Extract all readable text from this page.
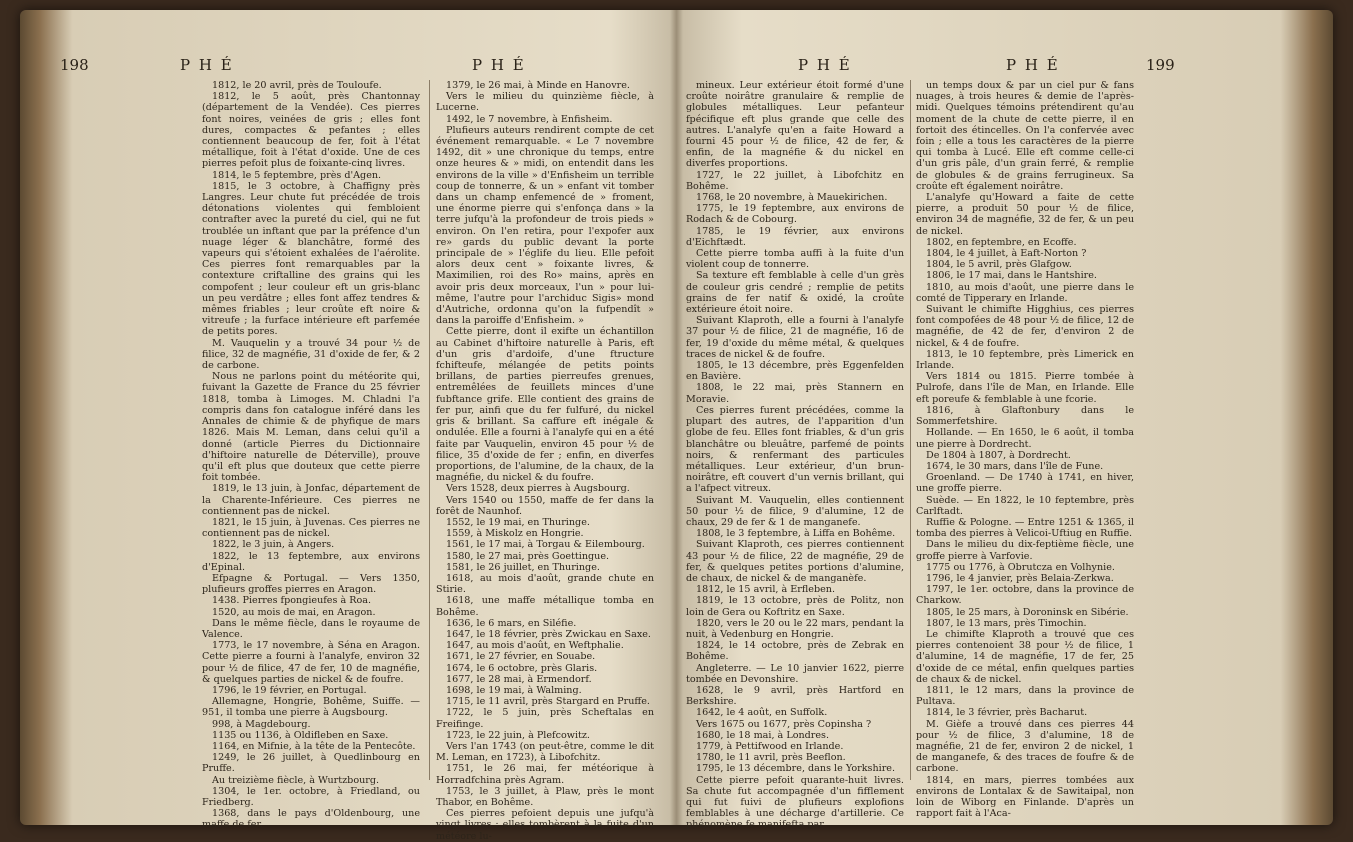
198	P H É	P H É

1812, le 20 avril, près de Touloufe.

1812, le 5 août, près Chantonnay (département de la Vendée). Ces pierres font noires, veinées de gris ; elles font dures, compactes & pefantes ; elles contiennent beaucoup de fer, foit à l'état métallique, foit à l'état d'oxide. Une de ces pierres pefoit plus de foixante-cinq livres.

1814, le 5 feptembre, près d'Agen.

1815, le 3 octobre, à Chaffigny près Langres. Leur chute fut précédée de trois détonations violentes qui fembloient contrafter avec la pureté du ciel, qui ne fut troublée un inftant que par la préfence d'un nuage léger & blanchâtre, formé des vapeurs qui s'étoient exhalées de l'aérolite. Ces pierres font remarquables par la contexture criftalline des grains qui les compofent ; leur couleur eft un gris-blanc un peu verdâtre ; elles font affez tendres & mêmes friables ; leur croûte eft noire & vitreufe ; la furface intérieure eft parfemée de petits pores.

M. Vauquelin y a trouvé 34 pour ½ de filice, 32 de magnéfie, 31 d'oxide de fer, & 2 de carbone.

Nous ne parlons point du météorite qui, fuivant la Gazette de France du 25 février 1818, tomba à Limoges. M. Chladni l'a compris dans fon catalogue inféré dans les Annales de chimie & de phyfique de mars 1826. Mais M. Leman, dans celui qu'il a donné (article Pierres du Dictionnaire d'hiftoire naturelle de Déterville), prouve qu'il eft plus que douteux que cette pierre foit tombée.

1819, le 13 juin, à Jonfac, département de la Charente-Inférieure. Ces pierres ne contiennent pas de nickel.

1821, le 15 juin, à Juvenas. Ces pierres ne contiennent pas de nickel.

1822, le 3 juin, à Angers.

1822, le 13 feptembre, aux environs d'Epinal.

Efpagne & Portugal. — Vers 1350, plufieurs groffes pierres en Aragon.

1438. Pierres fpongieufes à Roa.

1520, au mois de mai, en Aragon.

Dans le même fiècle, dans le royaume de Valence.

1773, le 17 novembre, à Séna en Aragon. Cette pierre a fourni à l'analyfe, environ 32 pour ½ de filice, 47 de fer, 10 de magnéfie, & quelques parties de nickel & de foufre.

1796, le 19 février, en Portugal.

Allemagne, Hongrie, Bohême, Suiffe. — 951, il tomba une pierre à Augsbourg.

998, à Magdebourg.

1135 ou 1136, à Oldifleben en Saxe.

1164, en Mifnie, à la tête de la Pentecôte.

1249, le 26 juillet, à Quedlinbourg en Pruffe.

Au treizième fiècle, à Wurtzbourg.

1304, le 1er. octobre, à Friedland, ou Friedberg.

1368, dans le pays d'Oldenbourg, une maffe de fer.

1379, le 26 mai, à Minde en Hanovre.

Vers le milieu du quinzième fiècle, à Lucerne.

1492, le 7 novembre, à Enfisheim.

Plufieurs auteurs rendirent compte de cet événement remarquable. « Le 7 novembre 1492, dit » une chronique du temps, entre onze heures & » midi, on entendit dans les environs de la ville » d'Enfisheim un terrible coup de tonnerre, & un » enfant vit tomber dans un champ enfemencé de » froment, une énorme pierre qui s'enfonça dans » la terre jufqu'à la profondeur de trois pieds » environ. On l'en retira, pour l'expofer aux re» gards du public devant la porte principale de » l'églife du lieu. Elle pefoit alors deux cent » foixante livres, & Maximilien, roi des Ro» mains, après en avoir pris deux morceaux, l'un » pour lui-même, l'autre pour l'archiduc Sigis» mond d'Autriche, ordonna qu'on la fufpendît » dans la paroiffe d'Enfisheim. »

Cette pierre, dont il exifte un échantillon au Cabinet d'hiftoire naturelle à Paris, eft d'un gris d'ardoife, d'une ftructure fchifteufe, mélangée de petits points brillans, de parties pierreufes grenues, entremêlées de feuillets minces d'une fubftance grife. Elle contient des grains de fer pur, ainfi que du fer fulfuré, du nickel gris & brillant. Sa caffure eft inégale & ondulée. Elle a fourni à l'analyfe qui en a été faite par Vauquelin, environ 45 pour ½ de filice, 35 d'oxide de fer ; enfin, en diverfes proportions, de l'alumine, de la chaux, de la magnéfie, du nickel & du foufre.

Vers 1528, deux pierres à Augsbourg.

Vers 1540 ou 1550, maffe de fer dans la forêt de Naunhof.

1552, le 19 mai, en Thuringe.

1559, à Miskolz en Hongrie.

1561, le 17 mai, à Torgau & Eilembourg.

1580, le 27 mai, près Goettingue.

1581, le 26 juillet, en Thuringe.

1618, au mois d'août, grande chute en Stirie.

1618, une maffe métallique tomba en Bohême.

1636, le 6 mars, en Siléfie.

1647, le 18 février, près Zwickau en Saxe.

1647, au mois d'août, en Weftphalie.

1671, le 27 février, en Souabe.

1674, le 6 octobre, près Glaris.

1677, le 28 mai, à Ermendorf.

1698, le 19 mai, à Walming.

1715, le 11 avril, près Stargard en Pruffe.

1722, le 5 juin, près Scheftalas en Freifinge.

1723, le 22 juin, à Plefcowitz.

Vers l'an 1743 (on peut-être, comme le dit M. Leman, en 1723), à Libofchitz.

1751, le 26 mai, fer météorique à Horradfchina près Agram.

1753, le 3 juillet, à Plaw, près le mont Thabor, en Bohême.

Ces pierres pefoient depuis une jufqu'à vingt livres ; elles tombèrent à la fuite d'un météore lu-

P H É	P H É	199

mineux. Leur extérieur étoit formé d'une croûte noirâtre granulaire & remplie de globules métalliques. Leur pefanteur fpécifique eft plus grande que celle des autres. L'analyfe qu'en a faite Howard a fourni 45 pour ½ de filice, 42 de fer, & enfin, de la magnéfie & du nickel en diverfes proportions.

1727, le 22 juillet, à Libofchitz en Bohême.

1768, le 20 novembre, à Mauekirichen.

1775, le 19 feptembre, aux environs de Rodach & de Cobourg.

1785, le 19 février, aux environs d'Eichftædt.

Cette pierre tomba auffi à la fuite d'un violent coup de tonnerre.

Sa texture eft femblable à celle d'un grès de couleur gris cendré ; remplie de petits grains de fer natif & oxidé, la croûte extérieure étoit noire.

Suivant Klaproth, elle a fourni à l'analyfe 37 pour ½ de filice, 21 de magnéfie, 16 de fer, 19 d'oxide du même métal, & quelques traces de nickel & de foufre.

1805, le 13 décembre, près Eggenfelden en Bavière.

1808, le 22 mai, près Stannern en Moravie.

Ces pierres furent précédées, comme la plupart des autres, de l'apparition d'un globe de feu. Elles font friables, & d'un gris blanchâtre ou bleuâtre, parfemé de points noirs, & renfermant des particules métalliques. Leur extérieur, d'un brun-noirâtre, eft couvert d'un vernis brillant, qui a l'afpect vitreux.

Suivant M. Vauquelin, elles contiennent 50 pour ½ de filice, 9 d'alumine, 12 de chaux, 29 de fer & 1 de manganefe.

1808, le 3 feptembre, à Liffa en Bohême.

Suivant Klaproth, ces pierres contiennent 43 pour ½ de filice, 22 de magnéfie, 29 de fer, & quelques petites portions d'alumine, de chaux, de nickel & de manganèfe.

1812, le 15 avril, à Erfleben.

1819, le 13 octobre, près de Politz, non loin de Gera ou Koftritz en Saxe.

1820, vers le 20 ou le 22 mars, pendant la nuit, à Vedenburg en Hongrie.

1824, le 14 octobre, près de Zebrak en Bohême.

Angleterre. — Le 10 janvier 1622, pierre tombée en Devonshire.

1628, le 9 avril, près Hartford en Berkshire.

1642, le 4 août, en Suffolk.

Vers 1675 ou 1677, près Copinsha ?

1680, le 18 mai, à Londres.

1779, à Pettifwood en Irlande.

1780, le 11 avril, près Beeflon.

1795, le 13 décembre, dans le Yorkshire.

Cette pierre pefoit quarante-huit livres. Sa chute fut accompagnée d'un fifflement qui fut fuivi de plufieurs explofions femblables à une décharge d'artillerie. Ce phénomène fe manifefta par

un temps doux & par un ciel pur & fans nuages, à trois heures & demie de l'après-midi. Quelques témoins prétendirent qu'au moment de la chute de cette pierre, il en fortoit des étincelles. On l'a confervée avec foin ; elle a tous les caractères de la pierre qui tomba à Lucé. Elle eft comme celle-ci d'un gris pâle, d'un grain ferré, & remplie de globules & de grains ferrugineux. Sa croûte eft également noirâtre.

L'analyfe qu'Howard a faite de cette pierre, a produit 50 pour ½ de filice, environ 34 de magnéfie, 32 de fer, & un peu de nickel.

1802, en feptembre, en Ecoffe.

1804, le 4 juillet, à Eaft-Norton ?

1804, le 5 avril, près Glafgow.

1806, le 17 mai, dans le Hantshire.

1810, au mois d'août, une pierre dans le comté de Tipperary en Irlande.

Suivant le chimifte Higghius, ces pierres font compofées de 48 pour ½ de filice, 12 de magnéfie, de 42 de fer, d'environ 2 de nickel, & 4 de foufre.

1813, le 10 feptembre, près Limerick en Irlande.

Vers 1814 ou 1815. Pierre tombée à Pulrofe, dans l'île de Man, en Irlande. Elle eft poreufe & femblable à une fcorie.

1816, à Glaftonbury dans le Sommerfetshire.

Hollande. — En 1650, le 6 août, il tomba une pierre à Dordrecht.

De 1804 à 1807, à Dordrecht.

1674, le 30 mars, dans l'île de Fune.

Groenland. — De 1740 à 1741, en hiver, une groffe pierre.

Suède. — En 1822, le 10 feptembre, près Carlftadt.

Ruffie & Pologne. — Entre 1251 & 1365, il tomba des pierres à Velicoi-Uftiug en Ruffie.

Dans le milieu du dix-feptième fiècle, une groffe pierre à Varfovie.

1775 ou 1776, à Obrutcza en Volhynie.

1796, le 4 janvier, près Belaia-Zerkwa.

1797, le 1er. octobre, dans la province de Charkow.

1805, le 25 mars, à Doroninsk en Sibérie.

1807, le 13 mars, près Timochin.

Le chimifte Klaproth a trouvé que ces pierres contenoient 38 pour ½ de filice, 1 d'alumine, 14 de magnéfie, 17 de fer, 25 d'oxide de ce métal, enfin quelques parties de chaux & de nickel.

1811, le 12 mars, dans la province de Pultava.

1814, le 3 février, près Bacharut.

M. Gièfe a trouvé dans ces pierres 44 pour ½ de filice, 3 d'alumine, 18 de magnéfie, 21 de fer, environ 2 de nickel, 1 de manganefe, & des traces de foufre & de carbone.

1814, en mars, pierres tombées aux environs de Lontalax & de Sawitaipal, non loin de Wiborg en Finlande. D'après un rapport fait à l'Aca-
